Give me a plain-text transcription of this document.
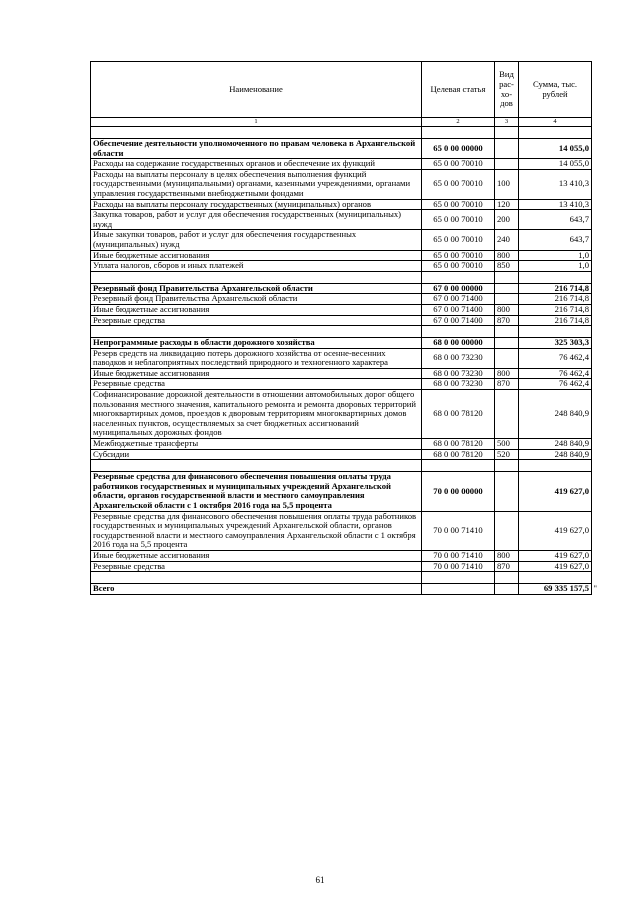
Наименование	Целевая статья	Вид рас-хо-дов	Сумма, тыс. рублей
1	2	3	4

Обеспечение деятельности уполномоченного по правам человека в Архангельской области	65 0 00 00000		14 055,0
Расходы на содержание государственных органов и обеспечение их функций	65 0 00 70010		14 055,0
Расходы на выплаты персоналу в целях обеспечения выполнения функций государственными (муниципальными) органами, казенными учреждениями, органами управления государственными внебюджетными фондами	65 0 00 70010	100	13 410,3
Расходы на выплаты персоналу государственных (муниципальных) органов	65 0 00 70010	120	13 410,3
Закупка товаров, работ и услуг для обеспечения государственных (муниципальных) нужд	65 0 00 70010	200	643,7
Иные закупки товаров, работ и услуг для обеспечения государственных (муниципальных) нужд	65 0 00 70010	240	643,7
Иные бюджетные ассигнования	65 0 00 70010	800	1,0
Уплата налогов, сборов и иных платежей	65 0 00 70010	850	1,0

Резервный фонд Правительства Архангельской области	67 0 00 00000		216 714,8
Резервный фонд Правительства Архангельской области	67 0 00 71400		216 714,8
Иные бюджетные ассигнования	67 0 00 71400	800	216 714,8
Резервные средства	67 0 00 71400	870	216 714,8

Непрограммные расходы в области дорожного хозяйства	68 0 00 00000		325 303,3
Резерв средств на ликвидацию потерь дорожного хозяйства от осенне-весенних паводков и неблагоприятных последствий природного и техногенного характера	68 0 00 73230		76 462,4
Иные бюджетные ассигнования	68 0 00 73230	800	76 462,4
Резервные средства	68 0 00 73230	870	76 462,4
Софинансирование дорожной деятельности в отношении автомобильных дорог общего пользования местного значения, капитального ремонта и ремонта дворовых территорий многоквартирных домов, проездов к дворовым территориям многоквартирных домов населенных пунктов, осуществляемых за счет бюджетных ассигнований муниципальных дорожных фондов	68 0 00 78120		248 840,9
Межбюджетные трансферты	68 0 00 78120	500	248 840,9
Субсидии	68 0 00 78120	520	248 840,9

Резервные средства для финансового обеспечения повышения оплаты труда работников государственных и муниципальных учреждений Архангельской области, органов государственной власти и местного самоуправления Архангельской области с 1 октября 2016 года на 5,5 процента	70 0 00 00000		419 627,0
Резервные средства для финансового обеспечения повышения оплаты труда работников государственных и муниципальных учреждений Архангельской области, органов государственной власти и местного самоуправления Архангельской области с 1 октября 2016 года на 5,5 процента	70 0 00 71410		419 627,0
Иные бюджетные ассигнования	70 0 00 71410	800	419 627,0
Резервные средства	70 0 00 71410	870	419 627,0

Всего			69 335 157,5 "
61
